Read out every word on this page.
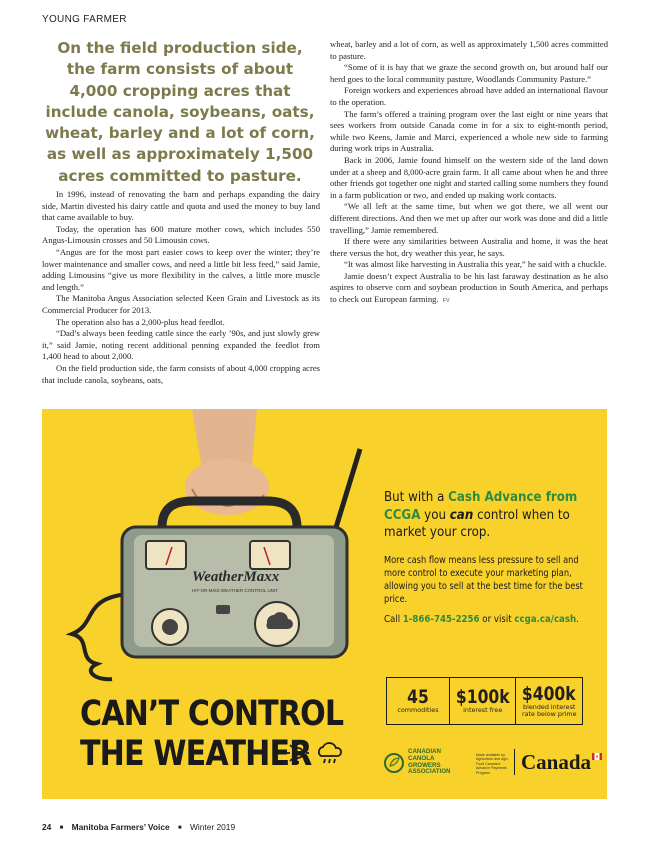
YOUNG FARMER
On the field production side, the farm consists of about 4,000 cropping acres that include canola, soybeans, oats, wheat, barley and a lot of corn, as well as approximately 1,500 acres committed to pasture.

In 1996, instead of renovating the barn and perhaps expanding the dairy side, Martin divested his dairy cattle and quota and used the money to buy land that came available to buy.

Today, the operation has 600 mature mother cows, which includes 550 Angus-Limousin crosses and 50 Limousin cows.

“Angus are for the most part easier cows to keep over the winter; they’re lower maintenance and smaller cows, and need a little bit less feed,” said Jamie, adding Limousins “give us more flexibility in the calves, a little more muscle and length.”

The Manitoba Angus Association selected Keen Grain and Livestock as its Commercial Producer for 2013.

The operation also has a 2,000-plus head feedlot.

“Dad’s always been feeding cattle since the early ’90s, and just slowly grew it,” said Jamie, noting recent additional penning expanded the feedlot from 1,400 head to about 2,000.

On the field production side, the farm consists of about 4,000 cropping acres that include canola, soybeans, oats,

wheat, barley and a lot of corn, as well as approximately 1,500 acres committed to pasture.

“Some of it is hay that we graze the second growth on, but around half our herd goes to the local community pasture, Woodlands Community Pasture.”

Foreign workers and experiences abroad have added an international flavour to the operation.

The farm’s offered a training program over the last eight or nine years that sees workers from outside Canada come in for a six to eight-month period, while two Keens, Jamie and Marci, experienced a whole new side to farming during work trips in Australia.

Back in 2006, Jamie found himself on the western side of the land down under at a sheep and 8,000-acre grain farm. It all came about when he and three other friends got together one night and started calling some numbers they found in a farm publication or two, and ended up making work contacts.

“We all left at the same time, but when we got there, we all went our different directions. And then we met up after our work was done and did a little travelling,” Jamie remembered.

If there were any similarities between Australia and home, it was the heat there versus the hot, dry weather this year, he says.

“It was almost like harvesting in Australia this year,” he said with a chuckle.

Jamie doesn’t expect Australia to be his last faraway destination as he also aspires to observe corn and soybean production in South America, and perhaps to check out European farming. FV

WeatherMaxx
HIT-OR-MISS WEATHER CONTROL UNIT
CAN’T CONTROL
THE WEATHER
But with a Cash Advance from CCGA you can control when to market your crop.
More cash flow means less pressure to sell and more control to execute your marketing plan, allowing you to sell at the best time for the best price.
Call 1-866-745-2256 or visit ccga.ca/cash.
45
commodities
$100k
interest free
$400k
blended interest rate below prime
CANADIAN CANOLA GROWERS ASSOCIATION
Made available by Agriculture and Agri-Food Canada's Advance Payments Program	Canada
24 ■ Manitoba Farmers’ Voice ■ Winter 2019
